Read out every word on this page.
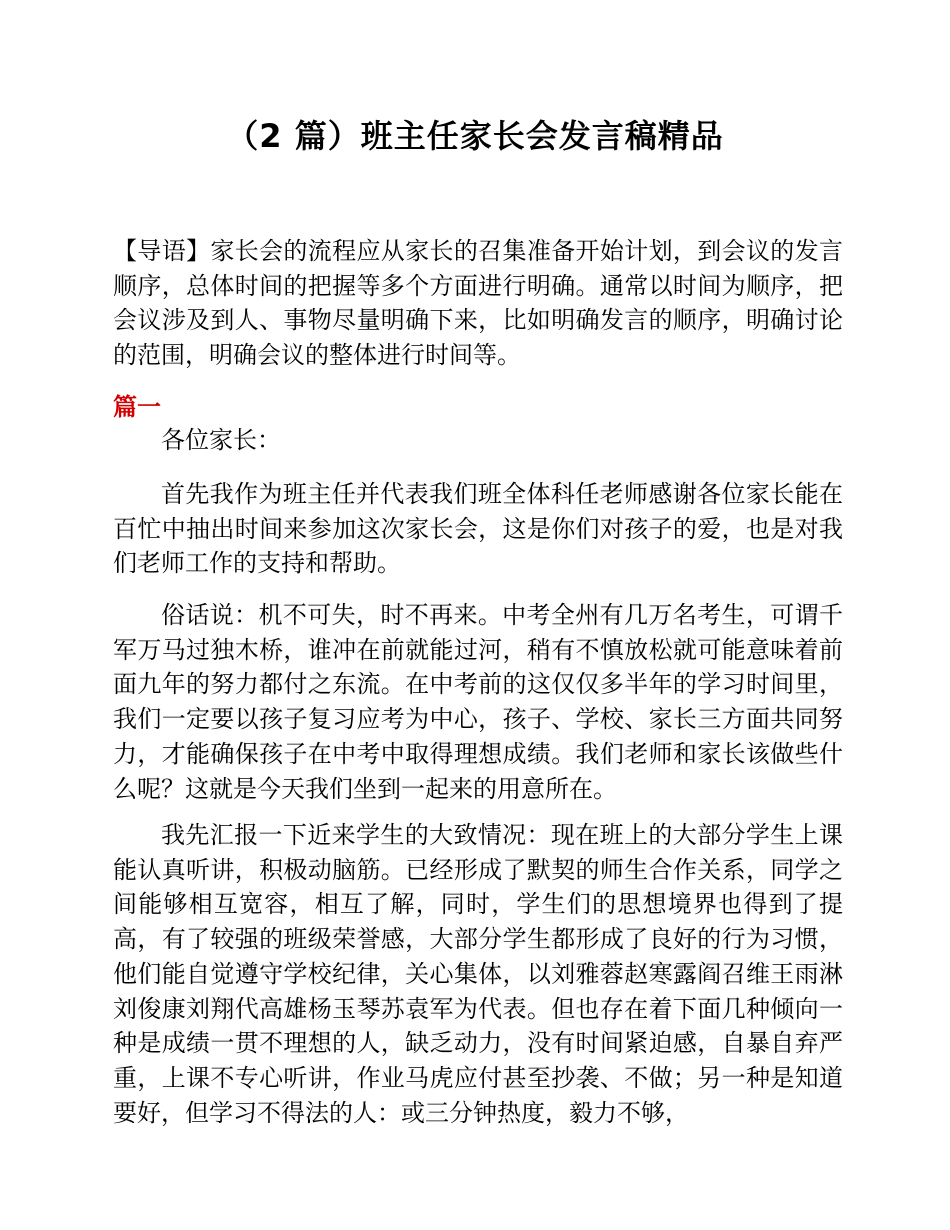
（2 篇）班主任家长会发言稿精品

【导语】家长会的流程应从家长的召集准备开始计划，到会议的发言顺序，总体时间的把握等多个方面进行明确。通常以时间为顺序，把会议涉及到人、事物尽量明确下来，比如明确发言的顺序，明确讨论的范围，明确会议的整体进行时间等。

篇一

各位家长：

首先我作为班主任并代表我们班全体科任老师感谢各位家长能在百忙中抽出时间来参加这次家长会，这是你们对孩子的爱，也是对我们老师工作的支持和帮助。

俗话说：机不可失，时不再来。中考全州有几万名考生，可谓千军万马过独木桥，谁冲在前就能过河，稍有不慎放松就可能意味着前面九年的努力都付之东流。在中考前的这仅仅多半年的学习时间里，我们一定要以孩子复习应考为中心，孩子、学校、家长三方面共同努力，才能确保孩子在中考中取得理想成绩。我们老师和家长该做些什么呢？这就是今天我们坐到一起来的用意所在。

我先汇报一下近来学生的大致情况：现在班上的大部分学生上课能认真听讲，积极动脑筋。已经形成了默契的师生合作关系，同学之间能够相互宽容，相互了解，同时，学生们的思想境界也得到了提高，有了较强的班级荣誉感，大部分学生都形成了良好的行为习惯，他们能自觉遵守学校纪律，关心集体，以刘雅蓉赵寒露阎召维王雨淋刘俊康刘翔代高雄杨玉琴苏袁军为代表。但也存在着下面几种倾向一种是成绩一贯不理想的人，缺乏动力，没有时间紧迫感，自暴自弃严重，上课不专心听讲，作业马虎应付甚至抄袭、不做；另一种是知道要好，但学习不得法的人：或三分钟热度，毅力不够，
